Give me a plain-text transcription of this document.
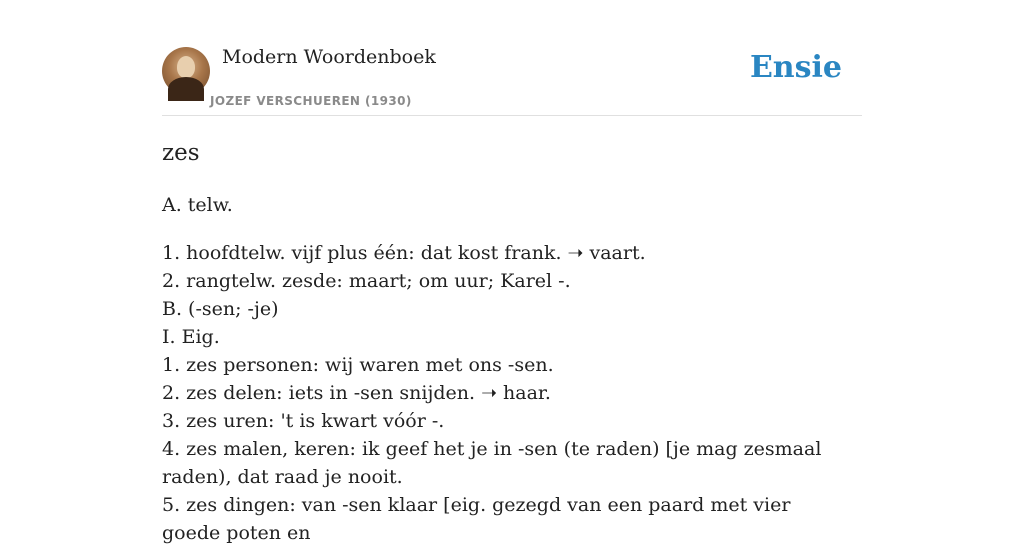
Modern Woordenboek
JOZEF VERSCHUEREN (1930)
Ensie
zes
A. telw.
1. hoofdtelw. vijf plus één: dat kost frank. ➝ vaart.
2. rangtelw. zesde: maart; om uur; Karel -.
B. (-sen; -je)
I. Eig.
1. zes personen: wij waren met ons -sen.
2. zes delen: iets in -sen snijden. ➝ haar.
3. zes uren: 't is kwart vóór -.
4. zes malen, keren: ik geef het je in -sen (te raden) [je mag zesmaal raden), dat raad je nooit.
5. zes dingen: van -sen klaar [eig. gezegd van een paard met vier goede poten en
